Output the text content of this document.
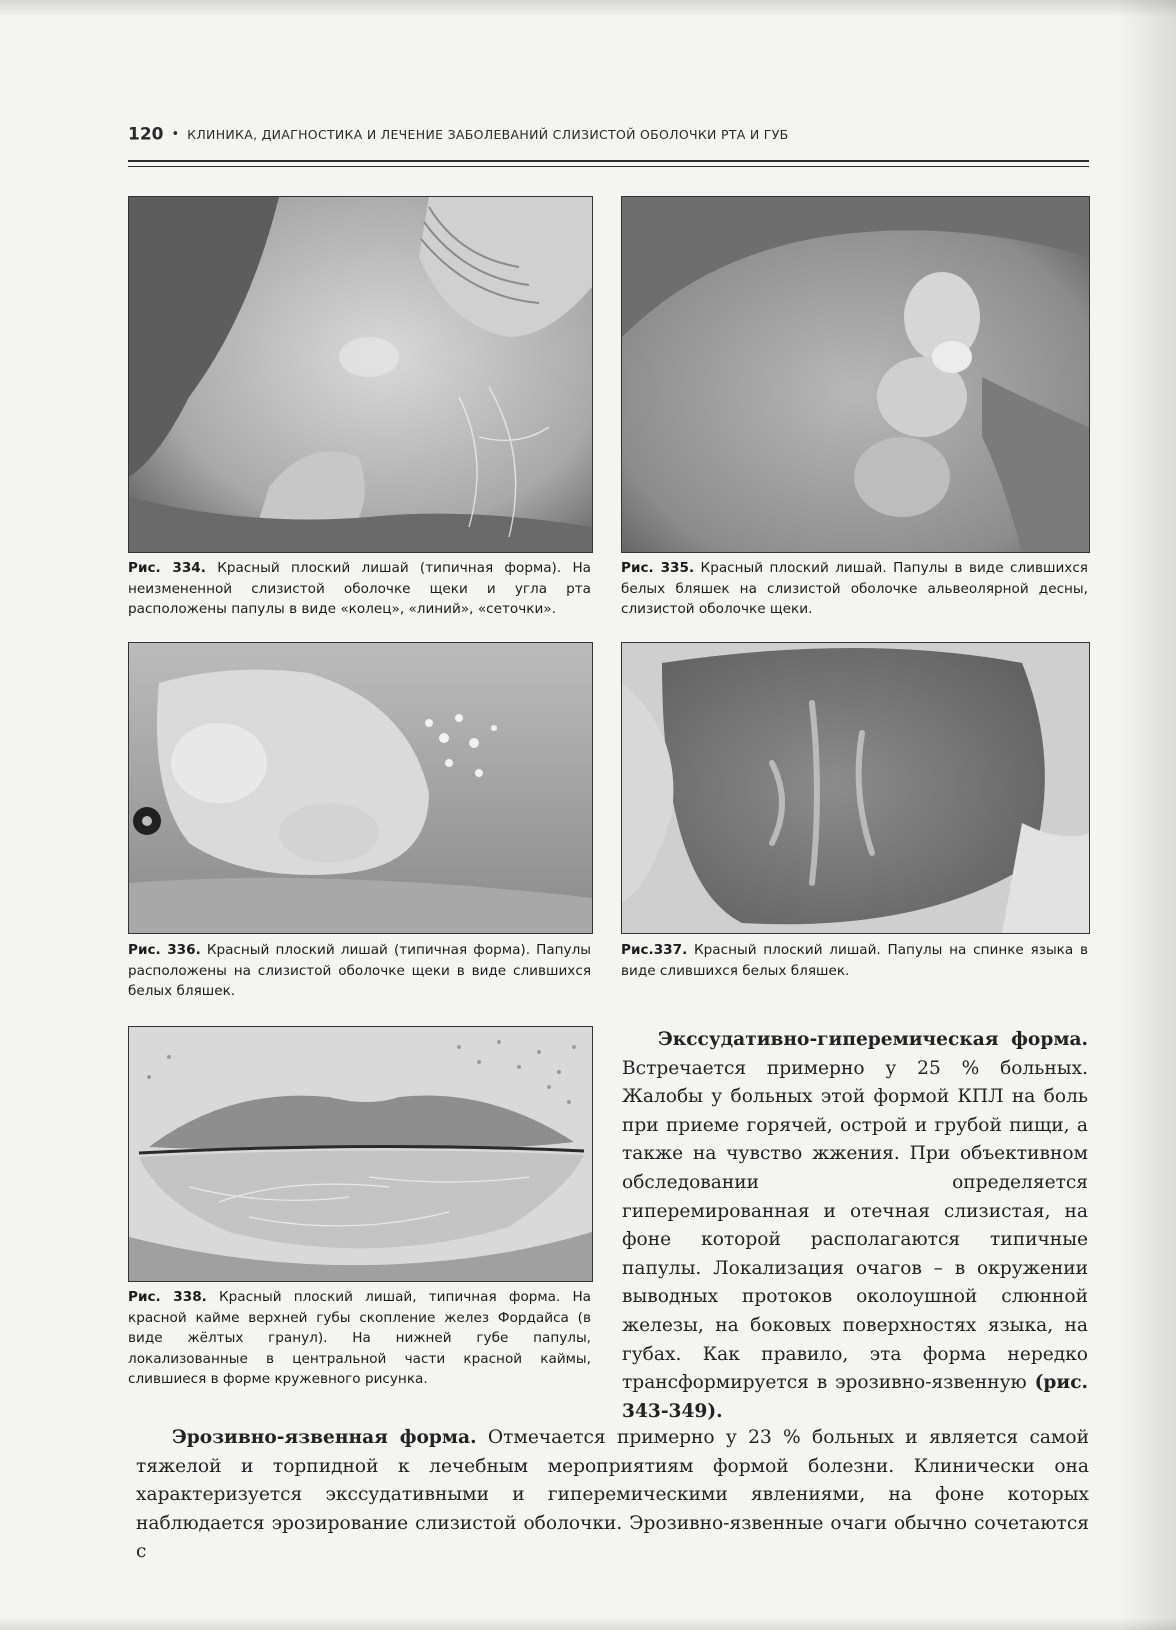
120 • КЛИНИКА, ДИАГНОСТИКА И ЛЕЧЕНИЕ ЗАБОЛЕВАНИЙ СЛИЗИСТОЙ ОБОЛОЧКИ РТА И ГУБ
Рис. 334. Красный плоский лишай (типичная форма). На неизмененной слизистой оболочке щеки и угла рта расположены папулы в виде «колец», «линий», «сеточки».
Рис. 335. Красный плоский лишай. Папулы в виде слившихся белых бляшек на слизистой оболочке альвеолярной десны, слизистой оболочке щеки.
Рис. 336. Красный плоский лишай (типичная форма). Папулы расположены на слизистой оболочке щеки в виде слившихся белых бляшек.
Рис.337. Красный плоский лишай. Папулы на спинке языка в виде слившихся белых бляшек.
Рис. 338. Красный плоский лишай, типичная форма. На красной кайме верхней губы скопление желез Фордайса (в виде жёлтых гранул). На нижней губе папулы, локализованные в центральной части красной каймы, слившиеся в форме кружевного рисунка.
Экссудативно-гиперемическая форма. Встречается примерно у 25 % больных. Жалобы у больных этой формой КПЛ на боль при приеме горячей, острой и грубой пищи, а также на чувство жжения. При объективном обследовании определяется гиперемированная и отечная слизистая, на фоне которой располагаются типичные папулы. Локализация очагов – в окружении выводных протоков околоушной слюнной железы, на боковых поверхностях языка, на губах. Как правило, эта форма нередко трансформируется в эрозивно-язвенную (рис. 343-349).
Эрозивно-язвенная форма. Отмечается примерно у 23 % больных и является самой тяжелой и торпидной к лечебным мероприятиям формой болезни. Клинически она характеризуется экссудативными и гиперемическими явлениями, на фоне которых наблюдается эрозирование слизистой оболочки. Эрозивно-язвенные очаги обычно сочетаются с
